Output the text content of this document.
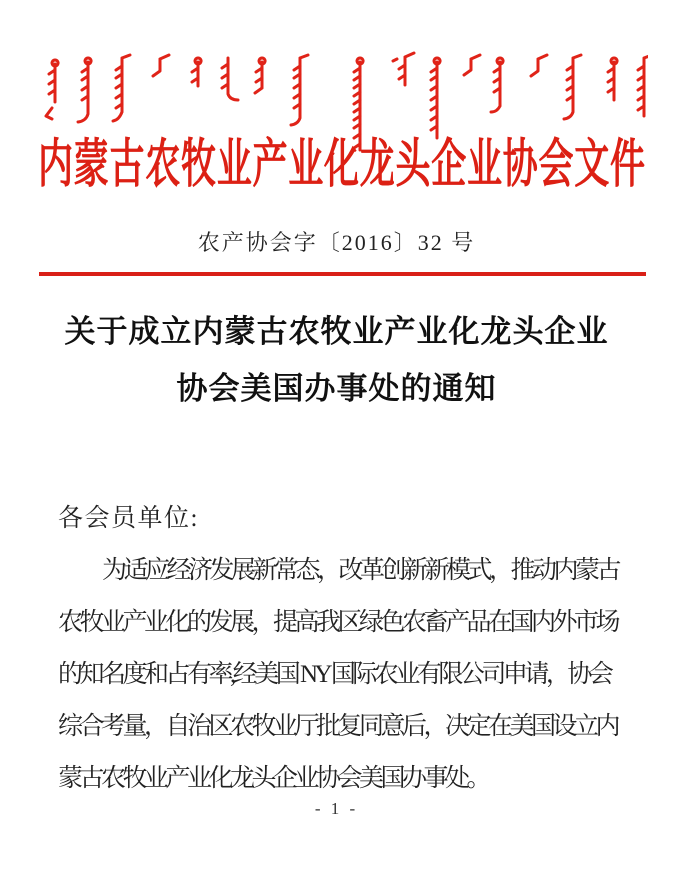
内蒙古农牧业产业化龙头企业协会文件
农产协会字〔2016〕32 号
关于成立内蒙古农牧业产业化龙头企业
协会美国办事处的通知
各会员单位:
为适应经济发展新常态，改革创新新模式，推动内蒙古
农牧业产业化的发展，提高我区绿色农畜产品在国内外市场
的知名度和占有率,经美国 NY 国际农业有限公司申请，协会
综合考量，自治区农牧业厅批复同意后，决定在美国设立内
蒙古农牧业产业化龙头企业协会美国办事处。
- 1 -
